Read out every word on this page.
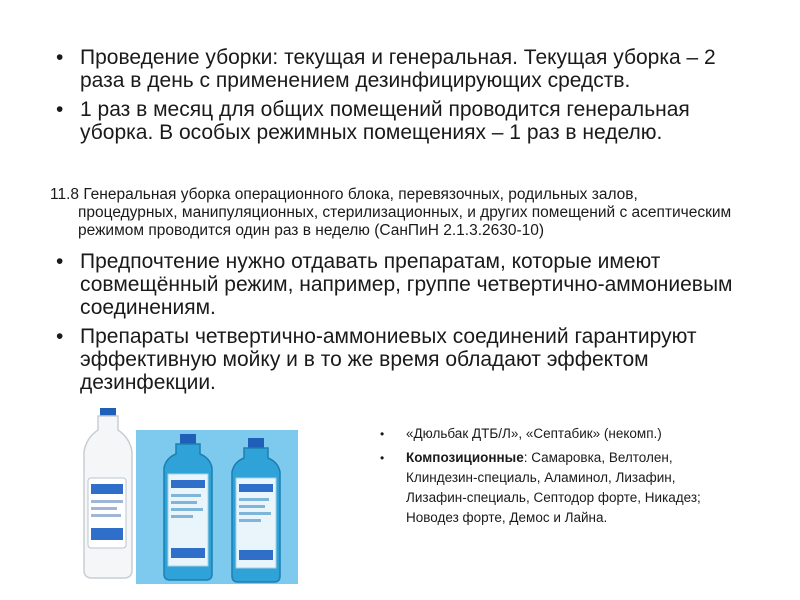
• Проведение уборки: текущая и генеральная. Текущая уборка – 2 раза в день с применением дезинфицирующих средств.
• 1 раз в месяц для общих помещений проводится генеральная уборка. В особых режимных помещениях – 1 раз в неделю.
11.8 Генеральная уборка операционного блока, перевязочных, родильных залов,
процедурных, манипуляционных, стерилизационных, и других помещений с асептическим режимом проводится один раз в неделю (СанПиН 2.1.3.2630-10)
• Предпочтение нужно отдавать препаратам, которые имеют совмещённый режим, например, группе четвертично-аммониевым соединениям.
• Препараты четвертично-аммониевых соединений гарантируют эффективную мойку и в то же время обладают эффектом дезинфекции.
• «Дюльбак ДТБ/Л», «Септабик» (некомп.)
• Композиционные: Самаровка, Велтолен, Клиндезин-специаль, Аламинол, Лизафин, Лизафин-специаль, Септодор форте, Никадез; Новодез форте, Демос и Лайна.
